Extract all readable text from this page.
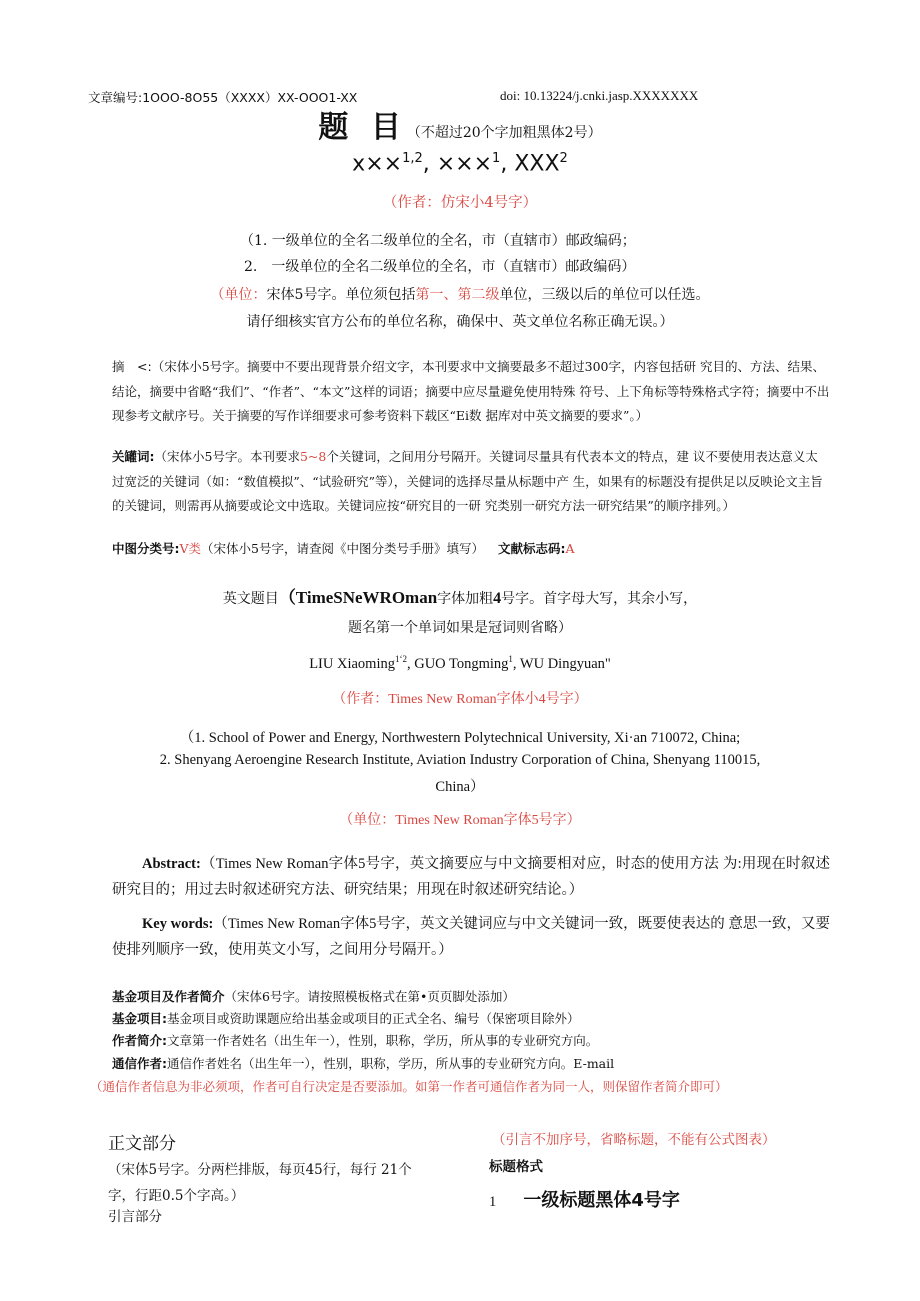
文章编号:1OOO-8O55（XXXX）XX-OOO1-XX	doi: 10.13224/j.cnki.jasp.XXXXXXX
题 目（不超过20个字加粗黑体2号）
x××$^{1,2}$, ×××$^1$, XXX$^2$
（作者：仿宋小4号字）
（1. 一级单位的全名二级单位的全名，市（直辖市）邮政编码；
2.　一级单位的全名二级单位的全名，市（直辖市）邮政编码）
（单位：宋体5号字。单位须包括第一、第二级单位，三级以后的单位可以任选。
请仔细核实官方公布的单位名称，确保中、英文单位名称正确无误。）

摘　<:（宋体小5号字。摘要中不要出现背景介绍文字，本刊要求中文摘要最多不超过300字，内容包括研 究目的、方法、结果、结论，摘要中省略“我们”、“作者”、“本文”这样的词语；摘要中应尽量避免使用特殊 符号、上下角标等特殊格式字符；摘要中不出现参考文献序号。关于摘要的写作详细要求可参考资料下载区“Ei数 据库对中英文摘要的要求”。）

关罐词:（宋体小5号字。本刊要求5~8个关键词，之间用分号隔开。关键词尽量具有代表本文的特点，建 议不要使用表达意义太过宽泛的关键词（如：“数值模拟”、“试验研究”等），关健词的选择尽量从标题中产 生，如果有的标题没有提供足以反映论文主旨的关键词，则需再从摘要或论文中选取。关键词应按“研究目的一研 究类别一研究方法一研究结果”的顺序排列。）

中图分类号:V类（宋体小5号字，请查阅《中图分类号手册》填写） 文献标志码:A
英文题目（TimeSNeWROman字体加粗4号字。首字母大写，其余小写，
题名第一个单词如果是冠词则省略）
LIU Xiaoming$^{1ʻ2}$, GUO Tongming$^1$, WU Dingyuan"
（作者：Times New Roman字体小4号字）
（1. School of Power and Energy, Northwestern Polytechnical University, Xi·an 710072, China;
2. Shenyang Aeroengine Research Institute, Aviation Industry Corporation of China, Shenyang 110015,
China）
（单位：Times New Roman字体5号字）

Abstract:（Times New Roman字体5号字，英文摘要应与中文摘要相对应，时态的使用方法 为:用现在时叙述研究目的；用过去时叙述研究方法、研究结果；用现在时叙述研究结论。）

Key words:（Times New Roman字体5号字，英文关键词应与中文关键词一致，既要使表达的 意思一致，又要使排列顺序一致，使用英文小写，之间用分号隔开。）

基金项目及作者简介（宋体6号字。请按照模板格式在第•页页脚处添加）
基金项目:基金项目或资助课题应给出基金或项目的正式全名、编号（保密项目除外）
作者简介:文章第一作者姓名（出生年一），性别，职称，学历，所从事的专业研究方向。
通信作者:通信作者姓名（出生年一），性别，职称，学历，所从事的专业研究方向。E-mail
（通信作者信息为非必须项，作者可自行决定是否要添加。如第一作者可通信作者为同一人，则保留作者简介即可）
正文部分
（宋体5号字。分两栏排版，每页45行，每行 21个
字，行距0.5个字高。）
引言部分
（引言不加序号，省略标题，不能有公式图表）
标题格式
1 一级标题黑体4号字
